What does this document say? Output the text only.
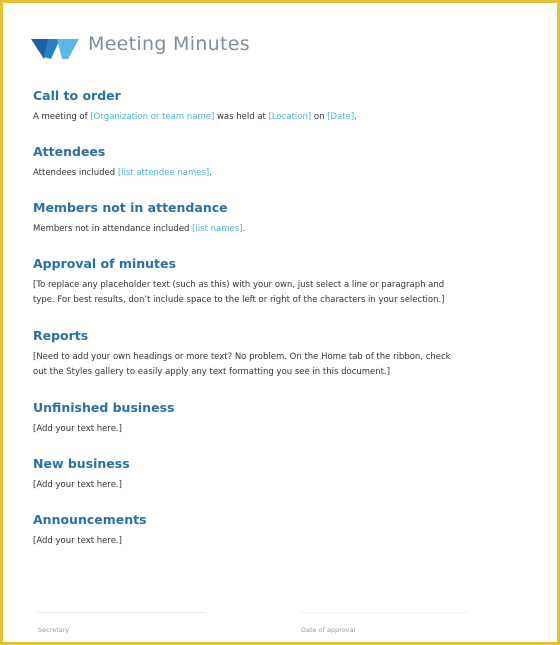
Meeting Minutes
Call to order

A meeting of [Organization or team name] was held at [Location] on [Date].

Attendees

Attendees included [list attendee names].

Members not in attendance

Members not in attendance included [list names].

Approval of minutes

[To replace any placeholder text (such as this) with your own, just select a line or paragraph and

type. For best results, don’t include space to the left or right of the characters in your selection.]

Reports

[Need to add your own headings or more text? No problem. On the Home tab of the ribbon, check

out the Styles gallery to easily apply any text formatting you see in this document.]

Unfinished business

[Add your text here.]

New business

[Add your text here.]

Announcements

[Add your text here.]

Secretary	Date of approval
